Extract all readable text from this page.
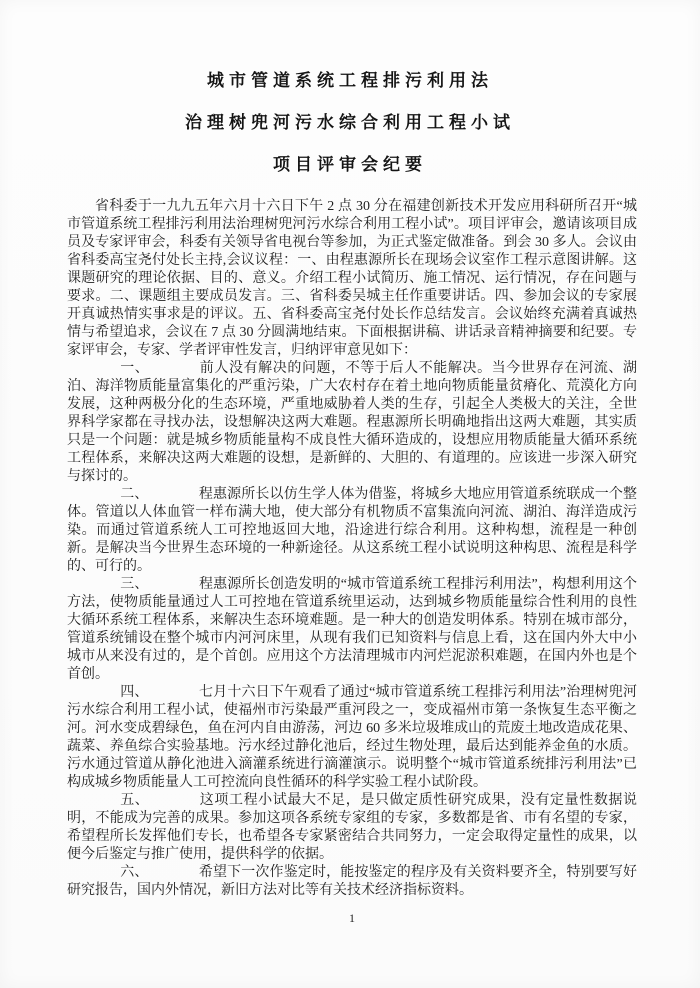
城市管道系统工程排污利用法
治理树兜河污水综合利用工程小试
项目评审会纪要

省科委于一九九五年六月十六日下午 2 点 30 分在福建创新技术开发应用科研所召开“城市管道系统工程排污利用法治理树兜河污水综合利用工程小试”。项目评审会，邀请该项目成员及专家评审会，科委有关领导省电视台等参加，为正式鉴定做准备。到会 30 多人。会议由省科委高宝尧付处长主持,会议议程：一、由程惠源所长在现场会议室作工程示意图讲解。这课题研究的理论依据、目的、意义。介绍工程小试简历、施工情况、运行情况，存在问题与要求。二、课题组主要成员发言。三、省科委吴城主任作重要讲话。四、参加会议的专家展开真诚热情实事求是的评议。五、省科委高宝尧付处长作总结发言。会议始终充满着真诚热情与希望追求，会议在 7 点 30 分圆满地结束。下面根据讲稿、讲话录音精神摘要和纪要。专家评审会，专家、学者评审性发言，归纳评审意见如下：

一、	前人没有解决的问题，不等于后人不能解决。当今世界存在河流、湖泊、海洋物质能量富集化的严重污染，广大农村存在着土地向物质能量贫瘠化、荒漠化方向发展，这种两极分化的生态环境，严重地威胁着人类的生存，引起全人类极大的关注，全世界科学家都在寻找办法，设想解决这两大难题。程惠源所长明确地指出这两大难题，其实质只是一个问题：就是城乡物质能量构不成良性大循环造成的，设想应用物质能量大循环系统工程体系，来解决这两大难题的设想，是新鲜的、大胆的、有道理的。应该进一步深入研究与探讨的。

二、	程惠源所长以仿生学人体为借鉴，将城乡大地应用管道系统联成一个整体。管道以人体血管一样布满大地，使大部分有机物质不富集流向河流、湖泊、海洋造成污染。而通过管道系统人工可控地返回大地，沿途进行综合利用。这种构想，流程是一种创新。是解决当今世界生态环境的一种新途径。从这系统工程小试说明这种构思、流程是科学的、可行的。

三、	程惠源所长创造发明的“城市管道系统工程排污利用法”，构想利用这个方法，使物质能量通过人工可控地在管道系统里运动，达到城乡物质能量综合性利用的良性大循环系统工程体系，来解决生态环境难题。是一种大的创造发明体系。特别在城市部分，管道系统铺设在整个城市内河河床里，从现有我们已知资料与信息上看，这在国内外大中小城市从来没有过的，是个首创。应用这个方法清理城市内河烂泥淤积难题，在国内外也是个首创。

四、	七月十六日下午观看了通过“城市管道系统工程排污利用法”治理树兜河污水综合利用工程小试，使福州市污染最严重河段之一，变成福州市第一条恢复生态平衡之河。河水变成碧绿色，鱼在河内自由游荡，河边 60 多米垃圾堆成山的荒废土地改造成花果、蔬菜、养鱼综合实验基地。污水经过静化池后，经过生物处理，最后达到能养金鱼的水质。污水通过管道从静化池进入滴灌系统进行滴灌演示。说明整个“城市管道系统排污利用法”已构成城乡物质能量人工可控流向良性循环的科学实验工程小试阶段。

五、	这项工程小试最大不足，是只做定质性研究成果，没有定量性数据说明，不能成为完善的成果。参加这项各系统专家组的专家，多数都是省、市有名望的专家，希望程所长发挥他们专长，也希望各专家紧密结合共同努力，一定会取得定量性的成果，以便今后鉴定与推广使用，提供科学的依据。

六、	希望下一次作鉴定时，能按鉴定的程序及有关资料要齐全，特别要写好研究报告，国内外情况，新旧方法对比等有关技术经济指标资料。

1
